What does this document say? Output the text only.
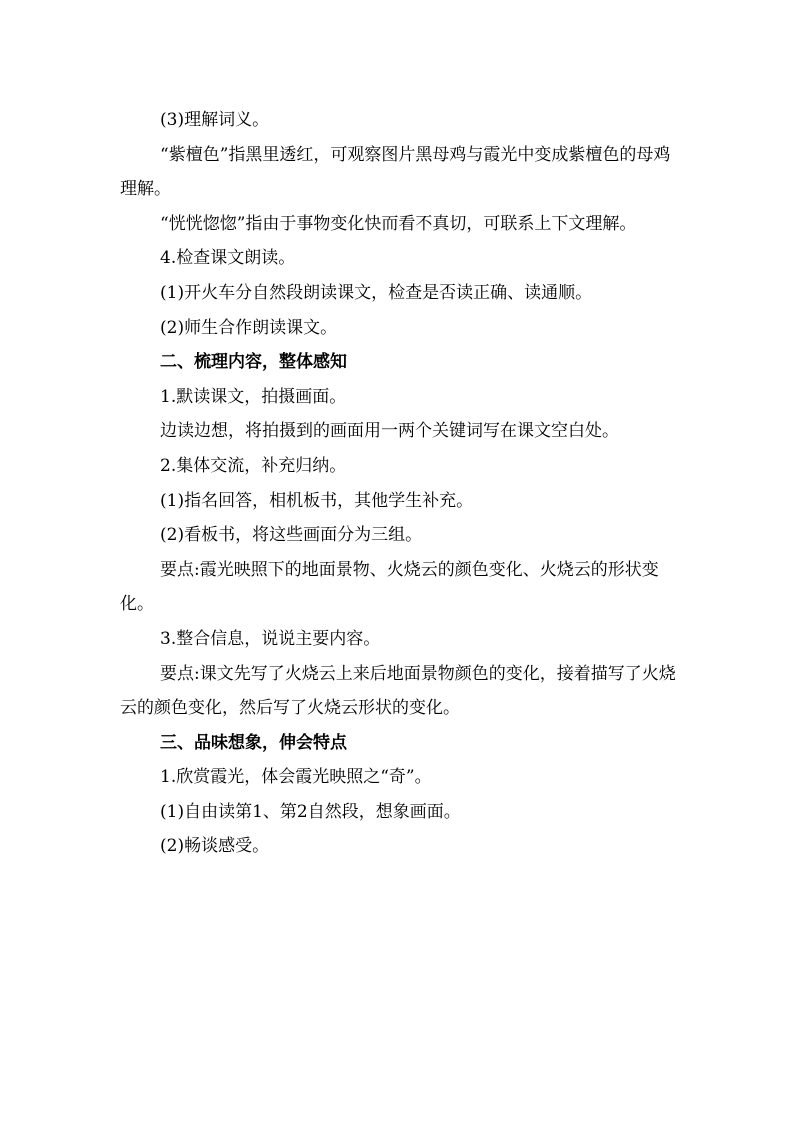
(3)理解词义。

“紫檀色”指黑里透红，可观察图片黑母鸡与霞光中变成紫檀色的母鸡理解。

“恍恍惚惚”指由于事物变化快而看不真切，可联系上下文理解。

4.检查课文朗读。

(1)开火车分自然段朗读课文，检查是否读正确、读通顺。

(2)师生合作朗读课文。

二、梳理内容，整体感知

1.默读课文，拍摄画面。

边读边想，将拍摄到的画面用一两个关键词写在课文空白处。

2.集体交流，补充归纳。

(1)指名回答，相机板书，其他学生补充。

(2)看板书，将这些画面分为三组。

要点:霞光映照下的地面景物、火烧云的颜色变化、火烧云的形状变化。

3.整合信息，说说主要内容。

要点:课文先写了火烧云上来后地面景物颜色的变化，接着描写了火烧云的颜色变化，然后写了火烧云形状的变化。

三、品味想象，伸会特点

1.欣赏霞光，体会霞光映照之“奇”。

(1)自由读第1、第2自然段，想象画面。

(2)畅谈感受。
